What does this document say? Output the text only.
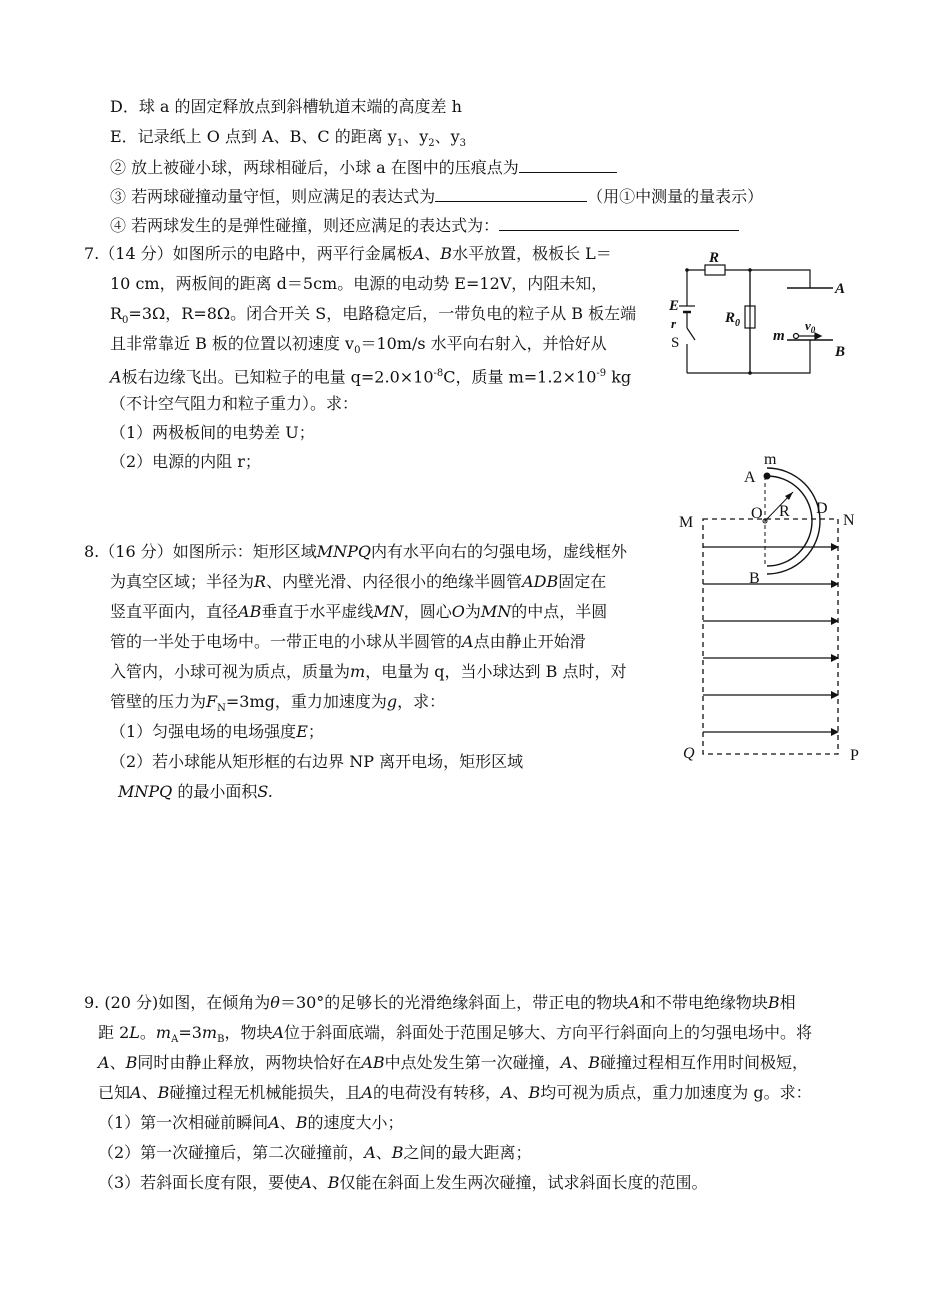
D．球 a 的固定释放点到斜槽轨道末端的高度差 h
E．记录纸上 O 点到 A、B、C 的距离 $y_1$、$y_2$、$y_3$
② 放上被碰小球，两球相碰后，小球 a 在图中的压痕点为
③ 若两球碰撞动量守恒，则应满足的表达式为	（用①中测量的量表示）
④ 若两球发生的是弹性碰撞，则还应满足的表达式为：
7.（14 分）如图所示的电路中，两平行金属板A、B水平放置，极板长 L＝
10 cm，两板间的距离 d＝5cm。电源的电动势 E=12V，内阻未知，
$R_0=3\Omega$，R=8Ω。闭合开关 S，电路稳定后，一带负电的粒子从 B 板左端
且非常靠近 B 板的位置以初速度 $v_0=10m/s$ 水平向右射入，并恰好从
A板右边缘飞出。已知粒子的电量 $q=2.0\times 10^{-8}C$，质量 $m=1.2\times 10^{-9}$ kg
（不计空气阻力和粒子重力）。求：
（1）两极板间的电势差 U；
（2）电源的内阻 r；
R
$R_0$
E
r
S
A
B
m
$v_0$
8.（16 分）如图所示：矩形区域MNPQ内有水平向右的匀强电场，虚线框外
为真空区域；半径为R、内壁光滑、内径很小的绝缘半圆管ADB固定在
竖直平面内，直径AB垂直于水平虚线MN，圆心O为MN的中点，半圆
管的一半处于电场中。一带正电的小球从半圆管的A点由静止开始滑
入管内，小球可视为质点，质量为m，电量为 q，当小球达到 B 点时，对
管壁的压力为$F_N=3mg$，重力加速度为g，求：
（1）匀强电场的电场强度E；
（2）若小球能从矩形框的右边界 NP 离开电场，矩形区域
MNPQ 的最小面积S.
m
A
O R D
M	N
B
Q	P
9. (20 分)如图，在倾角为θ＝30°的足够长的光滑绝缘斜面上，带正电的物块A和不带电绝缘物块B相
距 2L。$m_A=3m_B$，物块A位于斜面底端，斜面处于范围足够大、方向平行斜面向上的匀强电场中。将
A、B同时由静止释放，两物块恰好在AB中点处发生第一次碰撞，A、B碰撞过程相互作用时间极短，
已知A、B碰撞过程无机械能损失，且A的电荷没有转移，A、B均可视为质点，重力加速度为 g。求：
（1）第一次相碰前瞬间A、B的速度大小；
（2）第一次碰撞后，第二次碰撞前，A、B之间的最大距离；
（3）若斜面长度有限，要使A、B仅能在斜面上发生两次碰撞，试求斜面长度的范围。
